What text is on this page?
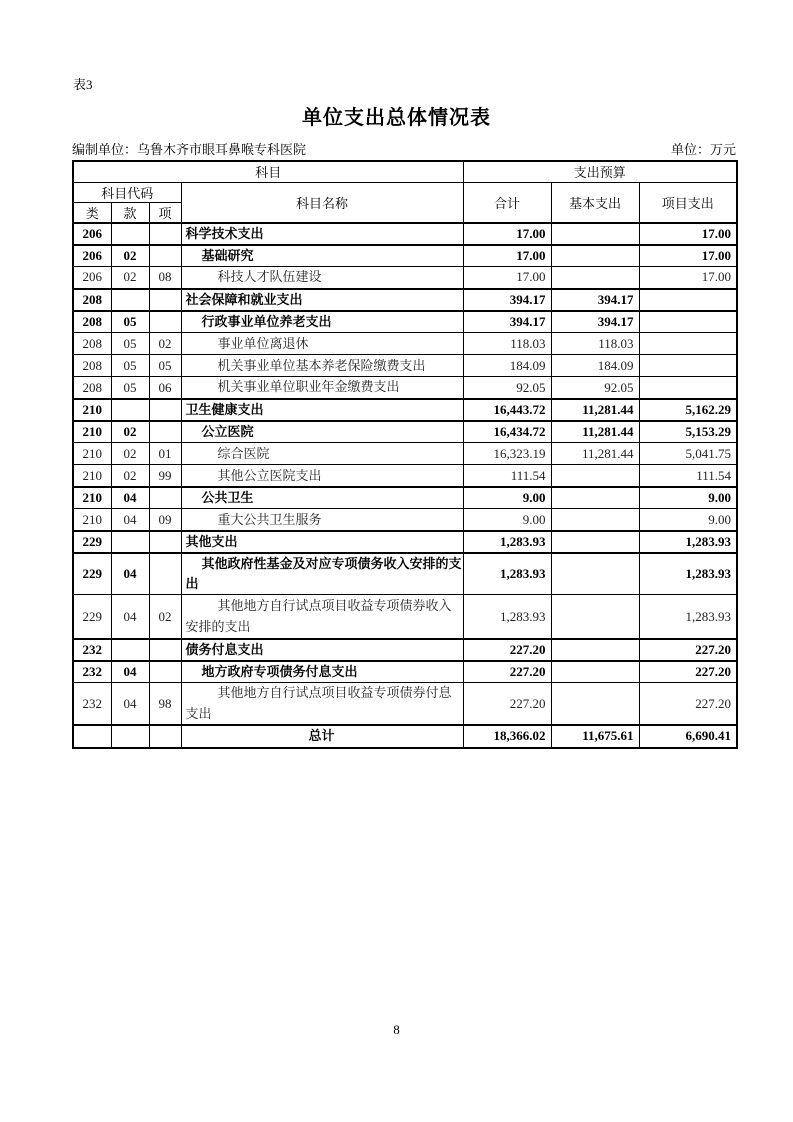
表3
单位支出总体情况表
编制单位：乌鲁木齐市眼耳鼻喉专科医院	单位：万元
科目				支出预算		
科目代码			科目名称	合计	基本支出	项目支出
类	款	项				
206			科学技术支出	17.00		17.00
206	02		基础研究	17.00		17.00
206	02	08	科技人才队伍建设	17.00		17.00
208			社会保障和就业支出	394.17	394.17	
208	05		行政事业单位养老支出	394.17	394.17	
208	05	02	事业单位离退休	118.03	118.03	
208	05	05	机关事业单位基本养老保险缴费支出	184.09	184.09	
208	05	06	机关事业单位职业年金缴费支出	92.05	92.05	
210			卫生健康支出	16,443.72	11,281.44	5,162.29
210	02		公立医院	16,434.72	11,281.44	5,153.29
210	02	01	综合医院	16,323.19	11,281.44	5,041.75
210	02	99	其他公立医院支出	111.54		111.54
210	04		公共卫生	9.00		9.00
210	04	09	重大公共卫生服务	9.00		9.00
229			其他支出	1,283.93		1,283.93
229	04		其他政府性基金及对应专项债务收入安排的支出	1,283.93		1,283.93
229	04	02	其他地方自行试点项目收益专项债券收入安排的支出	1,283.93		1,283.93
232			债务付息支出	227.20		227.20
232	04		地方政府专项债务付息支出	227.20		227.20
232	04	98	其他地方自行试点项目收益专项债券付息支出	227.20		227.20
			总计	18,366.02	11,675.61	6,690.41
8
